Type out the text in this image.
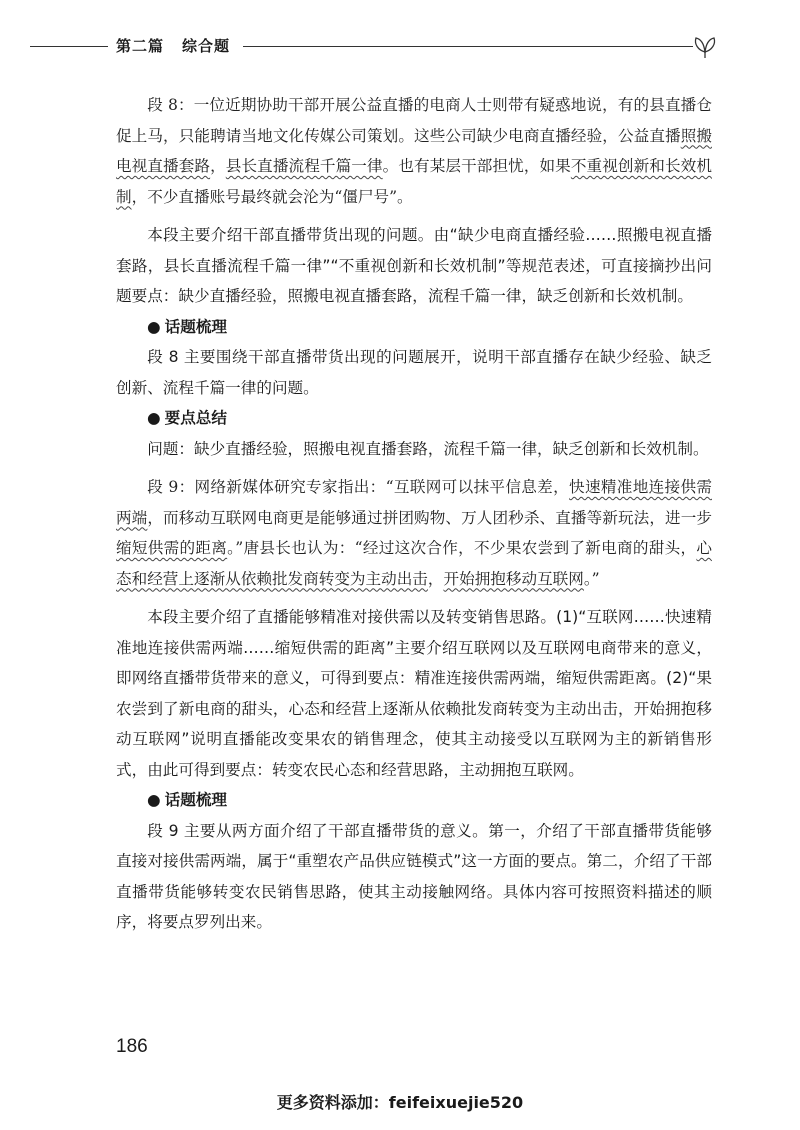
第二篇 综合题

段 8：一位近期协助干部开展公益直播的电商人士则带有疑惑地说，有的县直播仓促上马，只能聘请当地文化传媒公司策划。这些公司缺少电商直播经验，公益直播照搬电视直播套路，县长直播流程千篇一律。也有某层干部担忧，如果不重视创新和长效机制，不少直播账号最终就会沦为“僵尸号”。

本段主要介绍干部直播带货出现的问题。由“缺少电商直播经验……照搬电视直播套路，县长直播流程千篇一律”“不重视创新和长效机制”等规范表述，可直接摘抄出问题要点：缺少直播经验，照搬电视直播套路，流程千篇一律，缺乏创新和长效机制。

● 话题梳理

段 8 主要围绕干部直播带货出现的问题展开，说明干部直播存在缺少经验、缺乏创新、流程千篇一律的问题。

● 要点总结

问题：缺少直播经验，照搬电视直播套路，流程千篇一律，缺乏创新和长效机制。

段 9：网络新媒体研究专家指出：“互联网可以抹平信息差，快速精准地连接供需两端，而移动互联网电商更是能够通过拼团购物、万人团秒杀、直播等新玩法，进一步缩短供需的距离。”唐县长也认为：“经过这次合作，不少果农尝到了新电商的甜头，心态和经营上逐渐从依赖批发商转变为主动出击，开始拥抱移动互联网。”

本段主要介绍了直播能够精准对接供需以及转变销售思路。(1)“互联网……快速精准地连接供需两端……缩短供需的距离”主要介绍互联网以及互联网电商带来的意义，即网络直播带货带来的意义，可得到要点：精准连接供需两端，缩短供需距离。(2)“果农尝到了新电商的甜头，心态和经营上逐渐从依赖批发商转变为主动出击，开始拥抱移动互联网”说明直播能改变果农的销售理念，使其主动接受以互联网为主的新销售形式，由此可得到要点：转变农民心态和经营思路，主动拥抱互联网。

● 话题梳理

段 9 主要从两方面介绍了干部直播带货的意义。第一，介绍了干部直播带货能够直接对接供需两端，属于“重塑农产品供应链模式”这一方面的要点。第二，介绍了干部直播带货能够转变农民销售思路，使其主动接触网络。具体内容可按照资料描述的顺序，将要点罗列出来。

186
更多资料添加：feifeixuejie520
